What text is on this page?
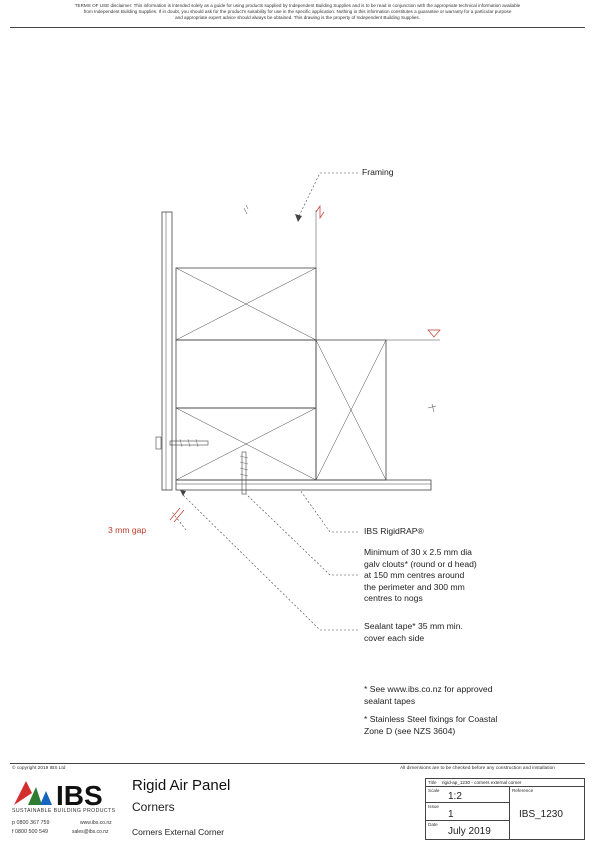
TERMS OF USE disclaimer: This information is intended solely as a guide for using products supplied by Independent Building Supplies and is to be read in conjunction with the appropriate technical information available
from Independent Building Supplies. If in doubt, you should ask for the product's suitability for use in the specific application. Nothing in this information constitutes a guarantee or warranty for a particular purpose
and appropriate expert advice should always be obtained. This drawing is the property of Independent Building Supplies.
Framing
3 mm gap	IBS RigidRAP®
Minimum of 30 x 2.5 mm dia
galv clouts* (round or d head)
at 150 mm centres around
the perimeter and 300 mm
centres to nogs
Sealant tape* 35 mm min.
cover each side
* See www.ibs.co.nz for approved
sealant tapes
* Stainless Steel fixings for Coastal
Zone D (see NZS 3604)
© copyright 2019 IBS Ltd	All dimensions are to be checked before any construction and installation
IBS
SUSTAINABLE BUILDING PRODUCTS
p 0800 367 759
f 0800 500 549
www.ibs.co.nz
sales@ibs.co.nz
Rigid Air Panel
Corners
Corners External Corner
Title rigid-ap_1230 - corners external corner
Scale
1:2
Reference
IBS_1230
Issue
1
Date
July 2019
